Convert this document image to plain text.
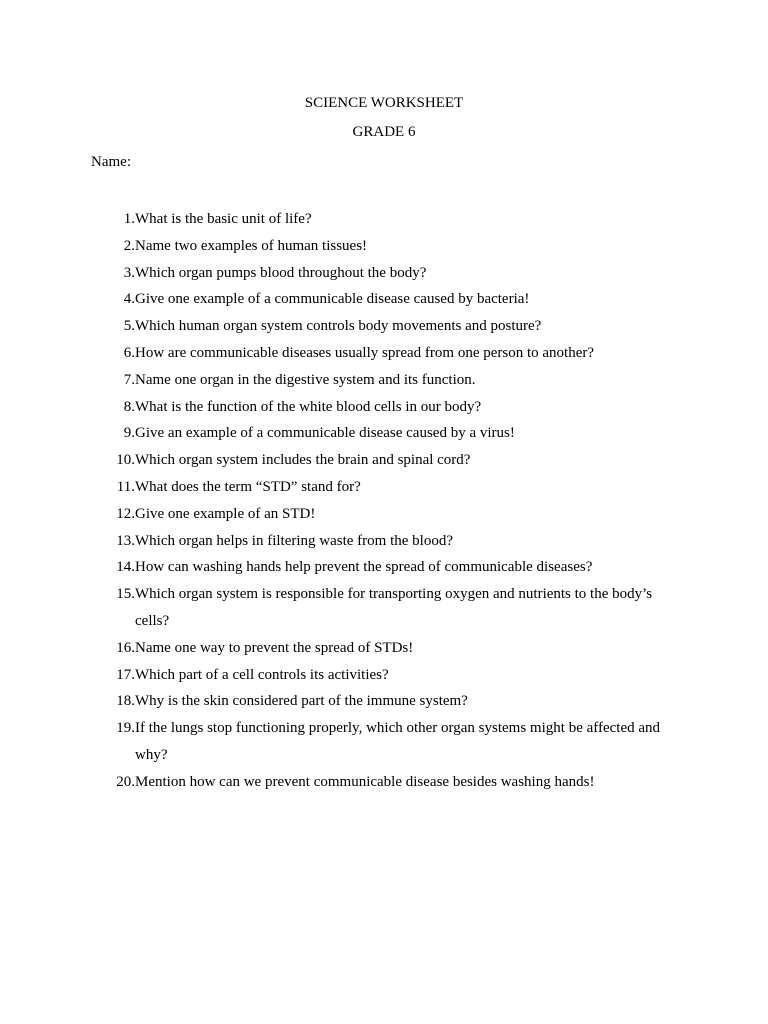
SCIENCE WORKSHEET
GRADE 6
Name:
1. What is the basic unit of life?
2. Name two examples of human tissues!
3. Which organ pumps blood throughout the body?
4. Give one example of a communicable disease caused by bacteria!
5. Which human organ system controls body movements and posture?
6. How are communicable diseases usually spread from one person to another?
7. Name one organ in the digestive system and its function.
8. What is the function of the white blood cells in our body?
9. Give an example of a communicable disease caused by a virus!
10. Which organ system includes the brain and spinal cord?
11. What does the term “STD” stand for?
12. Give one example of an STD!
13. Which organ helps in filtering waste from the blood?
14. How can washing hands help prevent the spread of communicable diseases?
15. Which organ system is responsible for transporting oxygen and nutrients to the body’s cells?
16. Name one way to prevent the spread of STDs!
17. Which part of a cell controls its activities?
18. Why is the skin considered part of the immune system?
19. If the lungs stop functioning properly, which other organ systems might be affected and why?
20. Mention how can we prevent communicable disease besides washing hands!
